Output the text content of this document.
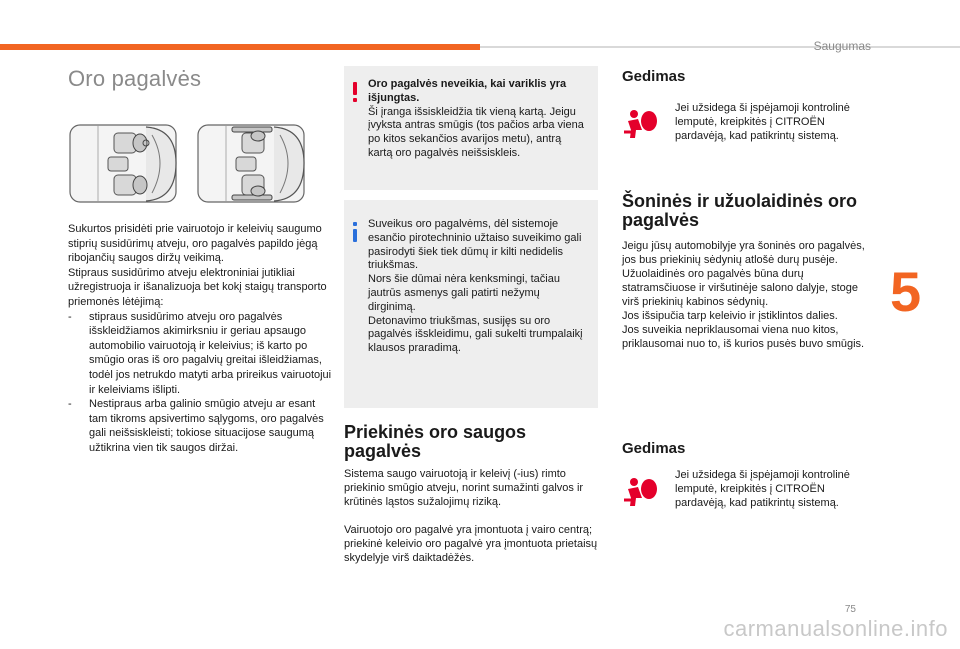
Saugumas
Oro pagalvės

Sukurtos prisidėti prie vairuotojo ir keleivių saugumo stiprių susidūrimų atveju, oro pagalvės papildo jėgą ribojančių saugos diržų veikimą.

Stipraus susidūrimo atveju elektroniniai jutikliai užregistruoja ir išanalizuoja bet kokį staigų transporto priemonės lėtėjimą:

-	stipraus susidūrimo atveju oro pagalvės išskleidžiamos akimirksniu ir geriau apsaugo automobilio vairuotoją ir keleivius; iš karto po smūgio oras iš oro pagalvių greitai išleidžiamas, todėl jos netrukdo matyti arba prireikus vairuotojui ir keleiviams išlipti.
-	Nestipraus arba galinio smūgio atveju ar esant tam tikroms apsivertimo sąlygoms, oro pagalvės gali neišsiskleisti; tokiose situacijose saugumą užtikrina vien tik saugos diržai.

Oro pagalvės neveikia, kai variklis yra išjungtas.

Ši įranga išsiskleidžia tik vieną kartą. Jeigu įvyksta antras smūgis (tos pačios arba viena po kitos sekančios avarijos metu), antrą kartą oro pagalvės neišsiskleis.

Suveikus oro pagalvėms, dėl sistemoje esančio pirotechninio užtaiso suveikimo gali pasirodyti šiek tiek dūmų ir kilti nedidelis triukšmas.

Nors šie dūmai nėra kenksmingi, tačiau jautrūs asmenys gali patirti nežymų dirginimą.

Detonavimo triukšmas, susijęs su oro pagalvės išskleidimu, gali sukelti trumpalaikį klausos praradimą.

Priekinės oro saugos
pagalvės

Sistema saugo vairuotoją ir keleivį (-ius) rimto priekinio smūgio atveju, norint sumažinti galvos ir krūtinės ląstos sužalojimų riziką.

Vairuotojo oro pagalvė yra įmontuota į vairo centrą; priekinė keleivio oro pagalvė yra įmontuota prietaisų skydelyje virš daiktadėžės.

Gedimas
Jei užsidega ši įspėjamoji kontrolinė lemputė, kreipkitės į CITROËN pardavėją, kad patikrintų sistemą.
Šoninės ir užuolaidinės oro
pagalvės

Jeigu jūsų automobilyje yra šoninės oro pagalvės, jos bus priekinių sėdynių atlošė durų pusėje.

Užuolaidinės oro pagalvės būna durų statramsčiuose ir viršutinėje salono dalyje, stoge virš priekinių kabinos sėdynių.

Jos išsipučia tarp keleivio ir įstiklintos dalies.

Jos suveikia nepriklausomai viena nuo kitos, priklausomai nuo to, iš kurios pusės buvo smūgis.

Gedimas
Jei užsidega ši įspėjamoji kontrolinė lemputė, kreipkitės į CITROËN pardavėją, kad patikrintų sistemą.
5
75
carmanualsonline.info
